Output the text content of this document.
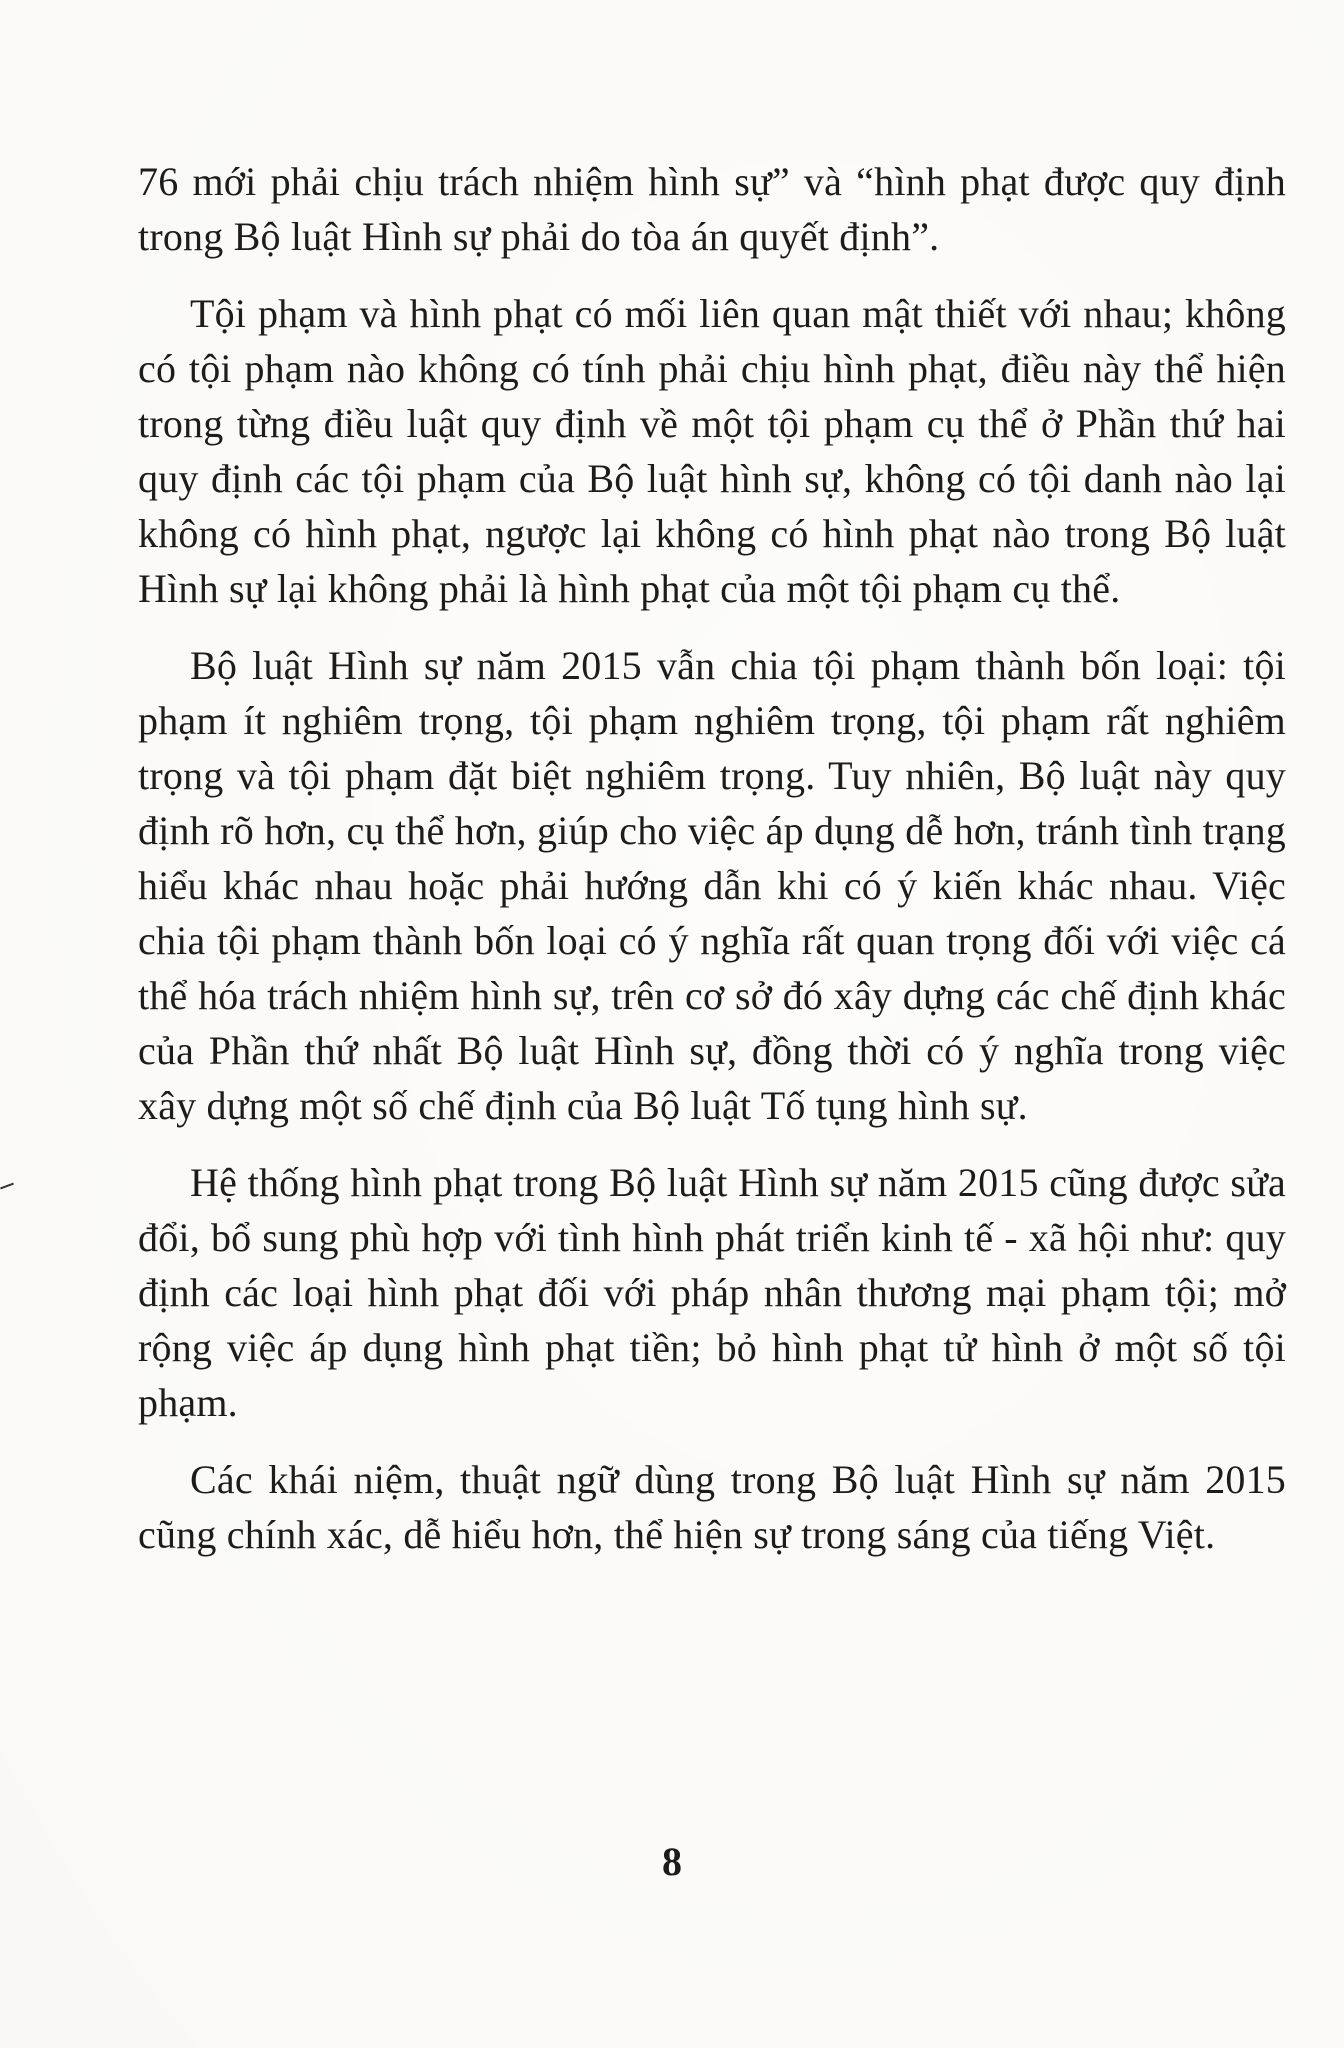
76 mới phải chịu trách nhiệm hình sự” và “hình phạt được quy định trong Bộ luật Hình sự phải do tòa án quyết định”.

Tội phạm và hình phạt có mối liên quan mật thiết với nhau; không có tội phạm nào không có tính phải chịu hình phạt, điều này thể hiện trong từng điều luật quy định về một tội phạm cụ thể ở Phần thứ hai quy định các tội phạm của Bộ luật hình sự, không có tội danh nào lại không có hình phạt, ngược lại không có hình phạt nào trong Bộ luật Hình sự lại không phải là hình phạt của một tội phạm cụ thể.

Bộ luật Hình sự năm 2015 vẫn chia tội phạm thành bốn loại: tội phạm ít nghiêm trọng, tội phạm nghiêm trọng, tội phạm rất nghiêm trọng và tội phạm đặt biệt nghiêm trọng. Tuy nhiên, Bộ luật này quy định rõ hơn, cụ thể hơn, giúp cho việc áp dụng dễ hơn, tránh tình trạng hiểu khác nhau hoặc phải hướng dẫn khi có ý kiến khác nhau. Việc chia tội phạm thành bốn loại có ý nghĩa rất quan trọng đối với việc cá thể hóa trách nhiệm hình sự, trên cơ sở đó xây dựng các chế định khác của Phần thứ nhất Bộ luật Hình sự, đồng thời có ý nghĩa trong việc xây dựng một số chế định của Bộ luật Tố tụng hình sự.

Hệ thống hình phạt trong Bộ luật Hình sự năm 2015 cũng được sửa đổi, bổ sung phù hợp với tình hình phát triển kinh tế - xã hội như: quy định các loại hình phạt đối với pháp nhân thương mại phạm tội; mở rộng việc áp dụng hình phạt tiền; bỏ hình phạt tử hình ở một số tội phạm.

Các khái niệm, thuật ngữ dùng trong Bộ luật Hình sự năm 2015 cũng chính xác, dễ hiểu hơn, thể hiện sự trong sáng của tiếng Việt.

8
